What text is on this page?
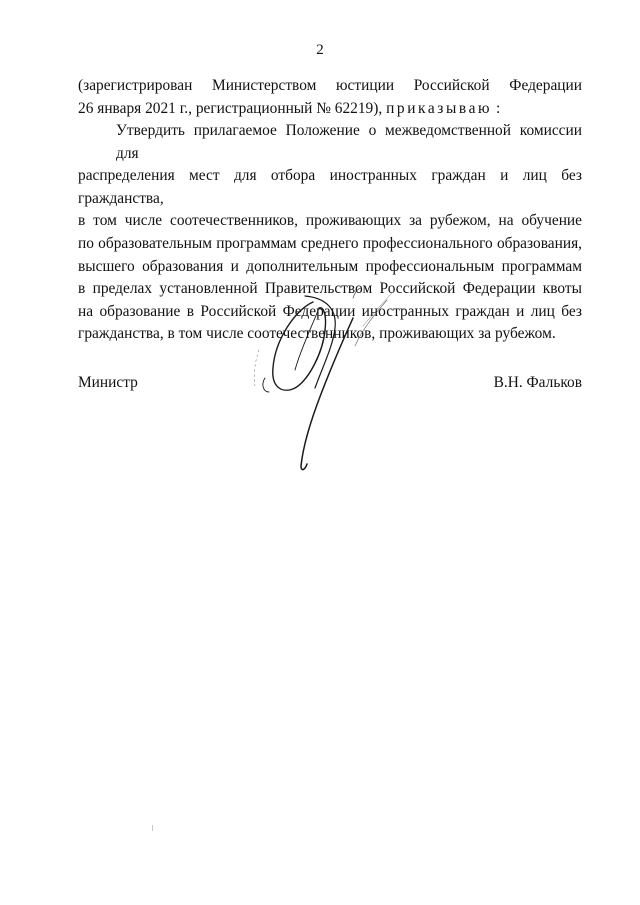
2
(зарегистрирован Министерством юстиции Российской Федерации
26 января 2021 г., регистрационный № 62219), приказываю :
Утвердить прилагаемое Положение о межведомственной комиссии для
распределения мест для отбора иностранных граждан и лиц без гражданства,
в том числе соотечественников, проживающих за рубежом, на обучение
по образовательным программам среднего профессионального образования,
высшего образования и дополнительным профессиональным программам
в пределах установленной Правительством Российской Федерации квоты
на образование в Российской Федерации иностранных граждан и лиц без
гражданства, в том числе соотечественников, проживающих за рубежом.
Министр	В.Н. Фальков
